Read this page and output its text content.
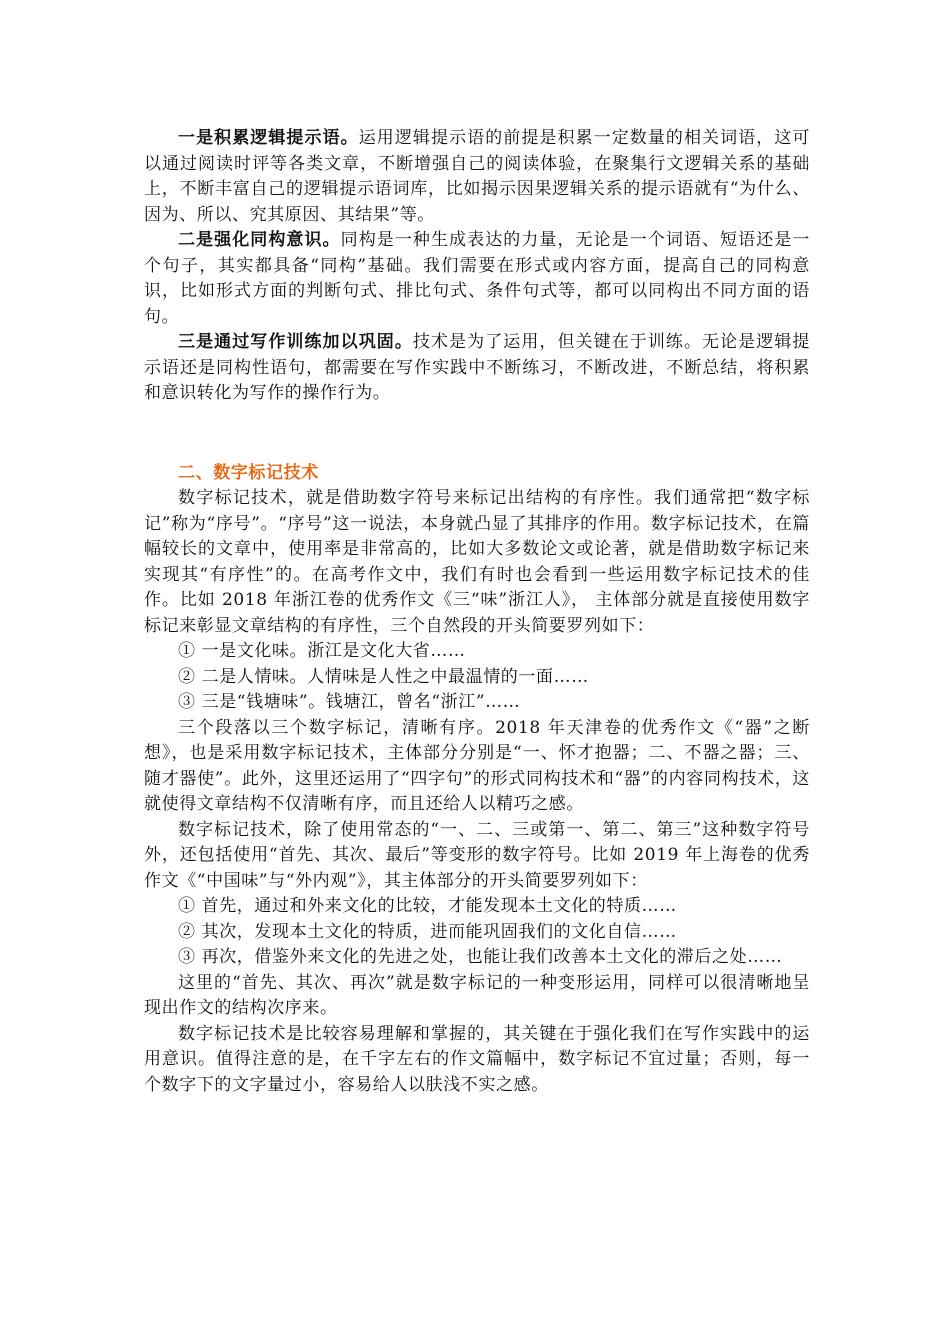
一是积累逻辑提示语。运用逻辑提示语的前提是积累一定数量的相关词语，这可以通过阅读时评等各类文章，不断增强自己的阅读体验，在聚集行文逻辑关系的基础上，不断丰富自己的逻辑提示语词库，比如揭示因果逻辑关系的提示语就有“为什么、因为、所以、究其原因、其结果”等。

二是强化同构意识。同构是一种生成表达的力量，无论是一个词语、短语还是一个句子，其实都具备“同构”基础。我们需要在形式或内容方面，提高自己的同构意识，比如形式方面的判断句式、排比句式、条件句式等，都可以同构出不同方面的语句。

三是通过写作训练加以巩固。技术是为了运用，但关键在于训练。无论是逻辑提示语还是同构性语句，都需要在写作实践中不断练习，不断改进，不断总结，将积累和意识转化为写作的操作行为。

二、数字标记技术

数字标记技术，就是借助数字符号来标记出结构的有序性。我们通常把“数字标记”称为“序号”。“序号”这一说法，本身就凸显了其排序的作用。数字标记技术，在篇幅较长的文章中，使用率是非常高的，比如大多数论文或论著，就是借助数字标记来实现其“有序性”的。在高考作文中，我们有时也会看到一些运用数字标记技术的佳作。比如 2018 年浙江卷的优秀作文《三“味”浙江人》， 主体部分就是直接使用数字标记来彰显文章结构的有序性，三个自然段的开头简要罗列如下：

① 一是文化味。浙江是文化大省……

② 二是人情味。人情味是人性之中最温情的一面……

③ 三是“钱塘味”。钱塘江，曾名“浙江”……

三个段落以三个数字标记，清晰有序。2018 年天津卷的优秀作文《“器”之断想》，也是采用数字标记技术，主体部分分别是“一、怀才抱器；二、不器之器；三、随才器使”。此外，这里还运用了“四字句”的形式同构技术和“器”的内容同构技术，这就使得文章结构不仅清晰有序，而且还给人以精巧之感。

数字标记技术，除了使用常态的“一、二、三或第一、第二、第三”这种数字符号外，还包括使用“首先、其次、最后”等变形的数字符号。比如 2019 年上海卷的优秀作文《“中国味”与“外内观”》，其主体部分的开头简要罗列如下：

① 首先，通过和外来文化的比较，才能发现本土文化的特质……

② 其次，发现本土文化的特质，进而能巩固我们的文化自信……

③ 再次，借鉴外来文化的先进之处，也能让我们改善本土文化的滞后之处……

这里的“首先、其次、再次”就是数字标记的一种变形运用，同样可以很清晰地呈现出作文的结构次序来。

数字标记技术是比较容易理解和掌握的，其关键在于强化我们在写作实践中的运用意识。值得注意的是，在千字左右的作文篇幅中，数字标记不宜过量；否则，每一个数字下的文字量过小，容易给人以肤浅不实之感。
